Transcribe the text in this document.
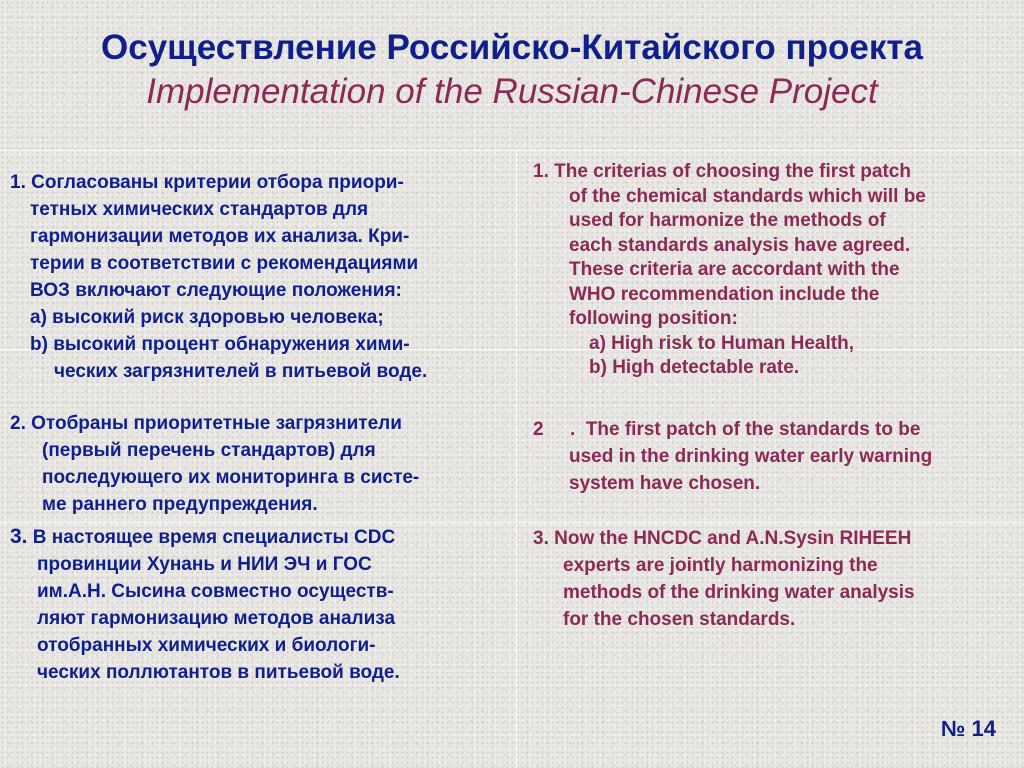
Осуществление Российско-Китайского проекта
Implementation of the Russian-Chinese Project
1. Согласованы критерии отбора приори-
тетных химических стандартов для
гармонизации методов их анализа. Кри-
терии в соответствии с рекомендациями
ВОЗ включают следующие положения:
а) высокий риск здоровью человека;
b) высокий процент обнаружения хими-
ческих загрязнителей в питьевой воде.
2. Отобраны приоритетные загрязнители
(первый перечень стандартов) для
последующего их мониторинга в систе-
ме раннего предупреждения.
3. В настоящее время специалисты CDC
провинции Хунань и НИИ ЭЧ и ГОС
им.А.Н. Сысина совместно осуществ-
ляют гармонизацию методов анализа
отобранных химических и биологи-
ческих поллютантов в питьевой воде.
1. The criterias of choosing the first patch
of the chemical standards which will be
used for harmonize the methods of
each standards analysis have agreed.
These criteria are accordant with the
WHO recommendation include the
following position:
a) High risk to Human Health,
b) High detectable rate.
2     .  The first patch of the standards to be
used in the drinking water early warning
system have chosen.
3. Now the HNCDC and A.N.Sysin RIHEEH
experts are jointly harmonizing the
methods of the drinking water analysis
for the chosen standards.
№ 14
